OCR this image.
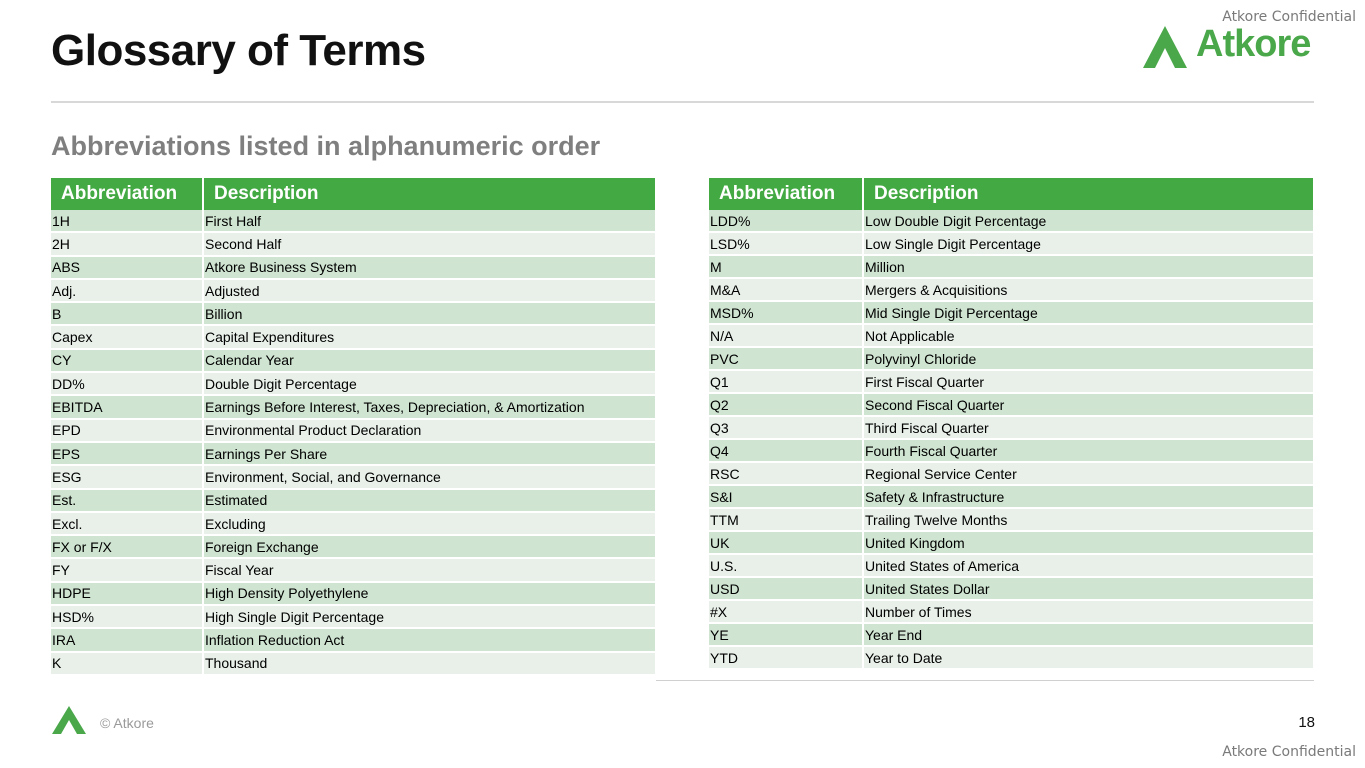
Atkore Confidential
Glossary of Terms	Atkore
Abbreviations listed in alphanumeric order
Abbreviation	Description
1H	First Half
2H	Second Half
ABS	Atkore Business System
Adj.	Adjusted
B	Billion
Capex	Capital Expenditures
CY	Calendar Year
DD%	Double Digit Percentage
EBITDA	Earnings Before Interest, Taxes, Depreciation, & Amortization
EPD	Environmental Product Declaration
EPS	Earnings Per Share
ESG	Environment, Social, and Governance
Est.	Estimated
Excl.	Excluding
FX or F/X	Foreign Exchange
FY	Fiscal Year
HDPE	High Density Polyethylene
HSD%	High Single Digit Percentage
IRA	Inflation Reduction Act
K	Thousand
Abbreviation	Description
LDD%	Low Double Digit Percentage
LSD%	Low Single Digit Percentage
M	Million
M&A	Mergers & Acquisitions
MSD%	Mid Single Digit Percentage
N/A	Not Applicable
PVC	Polyvinyl Chloride
Q1	First Fiscal Quarter
Q2	Second Fiscal Quarter
Q3	Third Fiscal Quarter
Q4	Fourth Fiscal Quarter
RSC	Regional Service Center
S&I	Safety & Infrastructure
TTM	Trailing Twelve Months
UK	United Kingdom
U.S.	United States of America
USD	United States Dollar
#X	Number of Times
YE	Year End
YTD	Year to Date
© Atkore	18
Atkore Confidential
